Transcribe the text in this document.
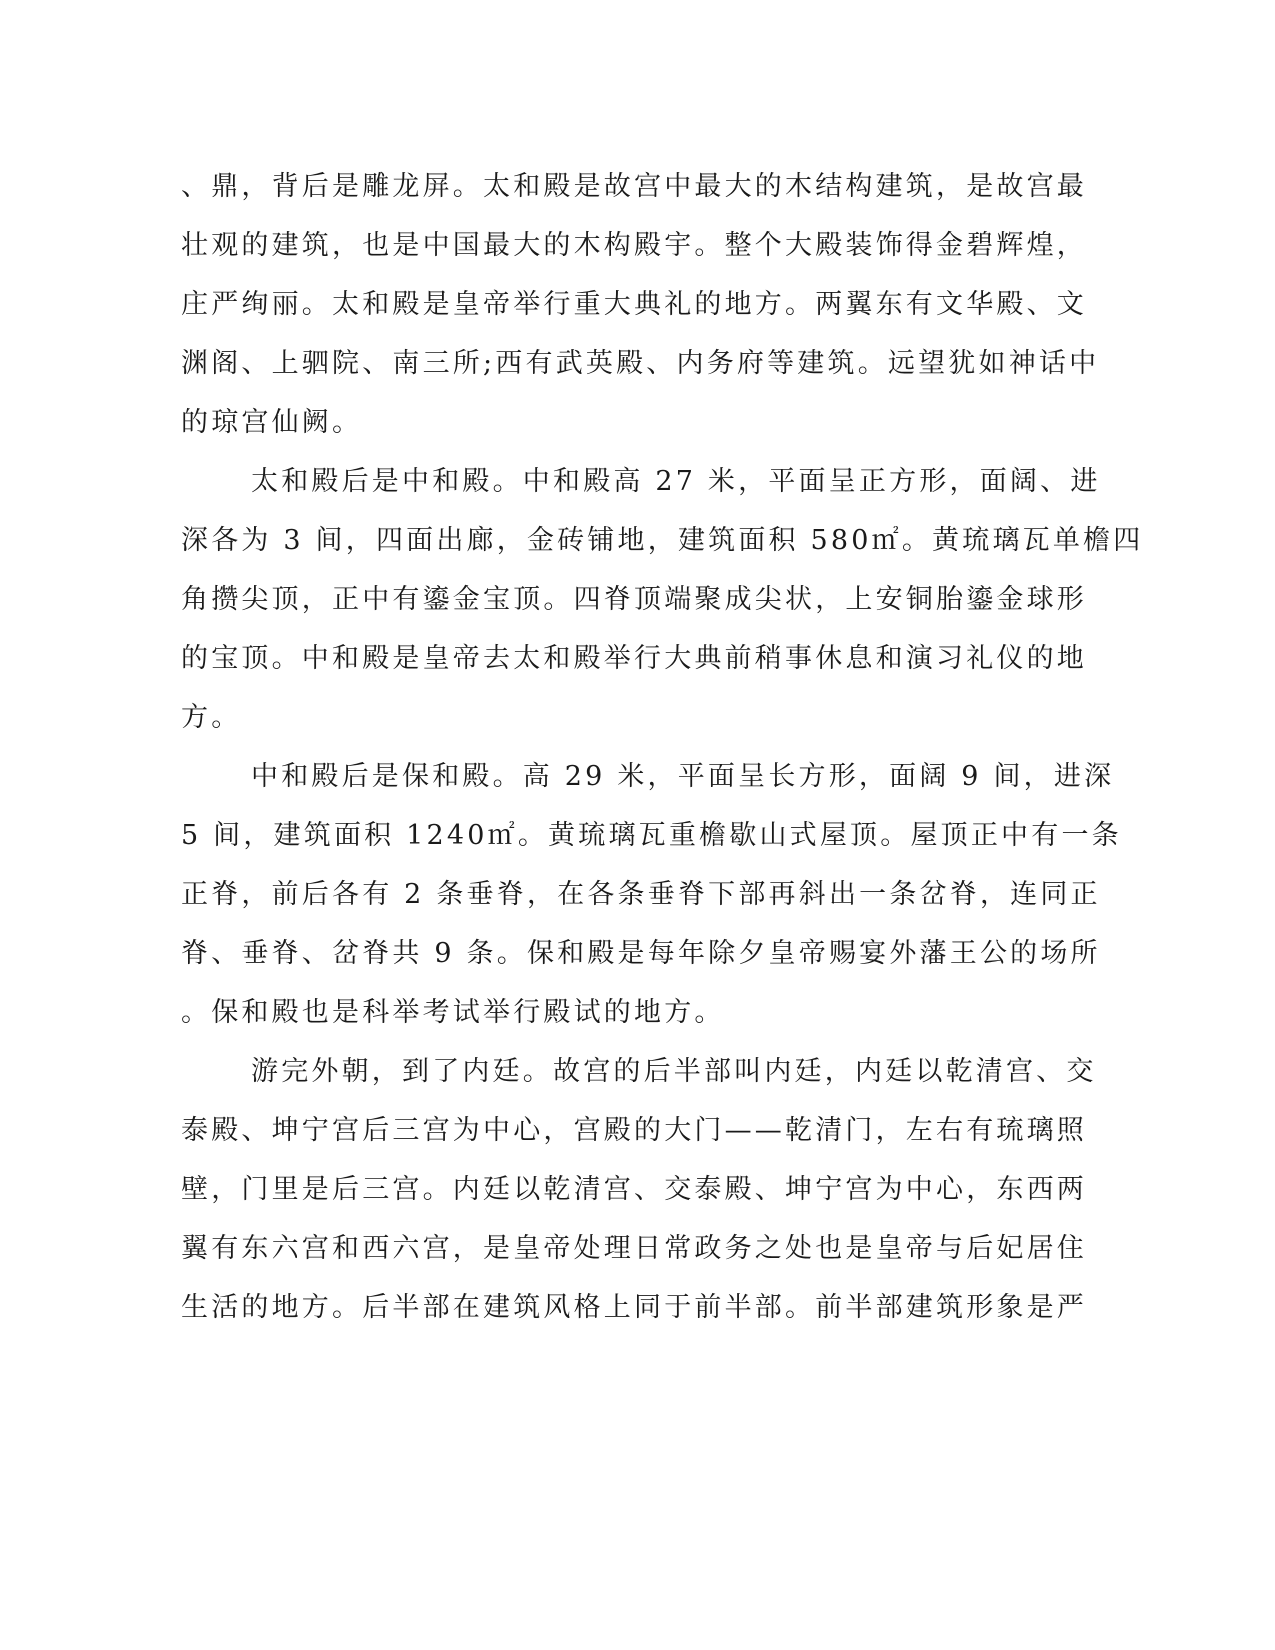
、鼎，背后是雕龙屏。太和殿是故宫中最大的木结构建筑，是故宫最
壮观的建筑，也是中国最大的木构殿宇。整个大殿装饰得金碧辉煌，
庄严绚丽。太和殿是皇帝举行重大典礼的地方。两翼东有文华殿、文
渊阁、上驷院、南三所;西有武英殿、内务府等建筑。远望犹如神话中
的琼宫仙阙。
太和殿后是中和殿。中和殿高 27 米，平面呈正方形，面阔、进
深各为 3 间，四面出廊，金砖铺地，建筑面积 580㎡。黄琉璃瓦单檐四
角攒尖顶，正中有鎏金宝顶。四脊顶端聚成尖状，上安铜胎鎏金球形
的宝顶。中和殿是皇帝去太和殿举行大典前稍事休息和演习礼仪的地
方。
中和殿后是保和殿。高 29 米，平面呈长方形，面阔 9 间，进深
5 间，建筑面积 1240㎡。黄琉璃瓦重檐歇山式屋顶。屋顶正中有一条
正脊，前后各有 2 条垂脊，在各条垂脊下部再斜出一条岔脊，连同正
脊、垂脊、岔脊共 9 条。保和殿是每年除夕皇帝赐宴外藩王公的场所
。保和殿也是科举考试举行殿试的地方。
游完外朝，到了内廷。故宫的后半部叫内廷，内廷以乾清宫、交
泰殿、坤宁宫后三宫为中心，宫殿的大门——乾清门，左右有琉璃照
壁，门里是后三宫。内廷以乾清宫、交泰殿、坤宁宫为中心，东西两
翼有东六宫和西六宫，是皇帝处理日常政务之处也是皇帝与后妃居住
生活的地方。后半部在建筑风格上同于前半部。前半部建筑形象是严
